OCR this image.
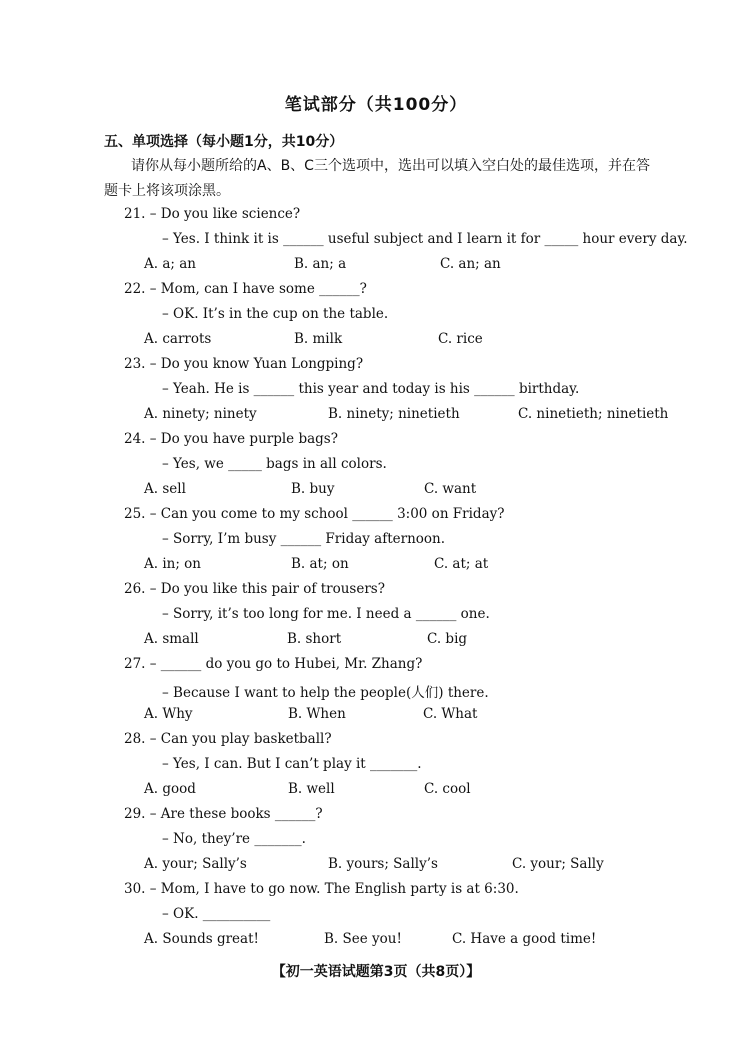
笔试部分（共100分）
五、单项选择（每小题1分，共10分）
请你从每小题所给的A、B、C三个选项中，选出可以填入空白处的最佳选项，并在答
题卡上将该项涂黑。
21. – Do you like science?
– Yes. I think it is ______ useful subject and I learn it for _____ hour every day.
A. a; an	B. an; a	C. an; an
22. – Mom, can I have some ______?
– OK. It’s in the cup on the table.
A. carrots	B. milk	C. rice
23. – Do you know Yuan Longping?
– Yeah. He is ______ this year and today is his ______ birthday.
A. ninety; ninety	B. ninety; ninetieth	C. ninetieth; ninetieth
24. – Do you have purple bags?
– Yes, we _____ bags in all colors.
A. sell	B. buy	C. want
25. – Can you come to my school ______ 3:00 on Friday?
– Sorry, I’m busy ______ Friday afternoon.
A. in; on	B. at; on	C. at; at
26. – Do you like this pair of trousers?
– Sorry, it’s too long for me. I need a ______ one.
A. small	B. short	C. big
27. – ______ do you go to Hubei, Mr. Zhang?
– Because I want to help the people(人们) there.
A. Why	B. When	C. What
28. – Can you play basketball?
– Yes, I can. But I can’t play it _______.
A. good	B. well	C. cool
29. – Are these books ______?
– No, they’re _______.
A. your; Sally’s	B. yours; Sally’s	C. your; Sally
30. – Mom, I have to go now. The English party is at 6:30.
– OK. __________
A. Sounds great!	B. See you!	C. Have a good time!
【初一英语试题第3页（共8页）】
